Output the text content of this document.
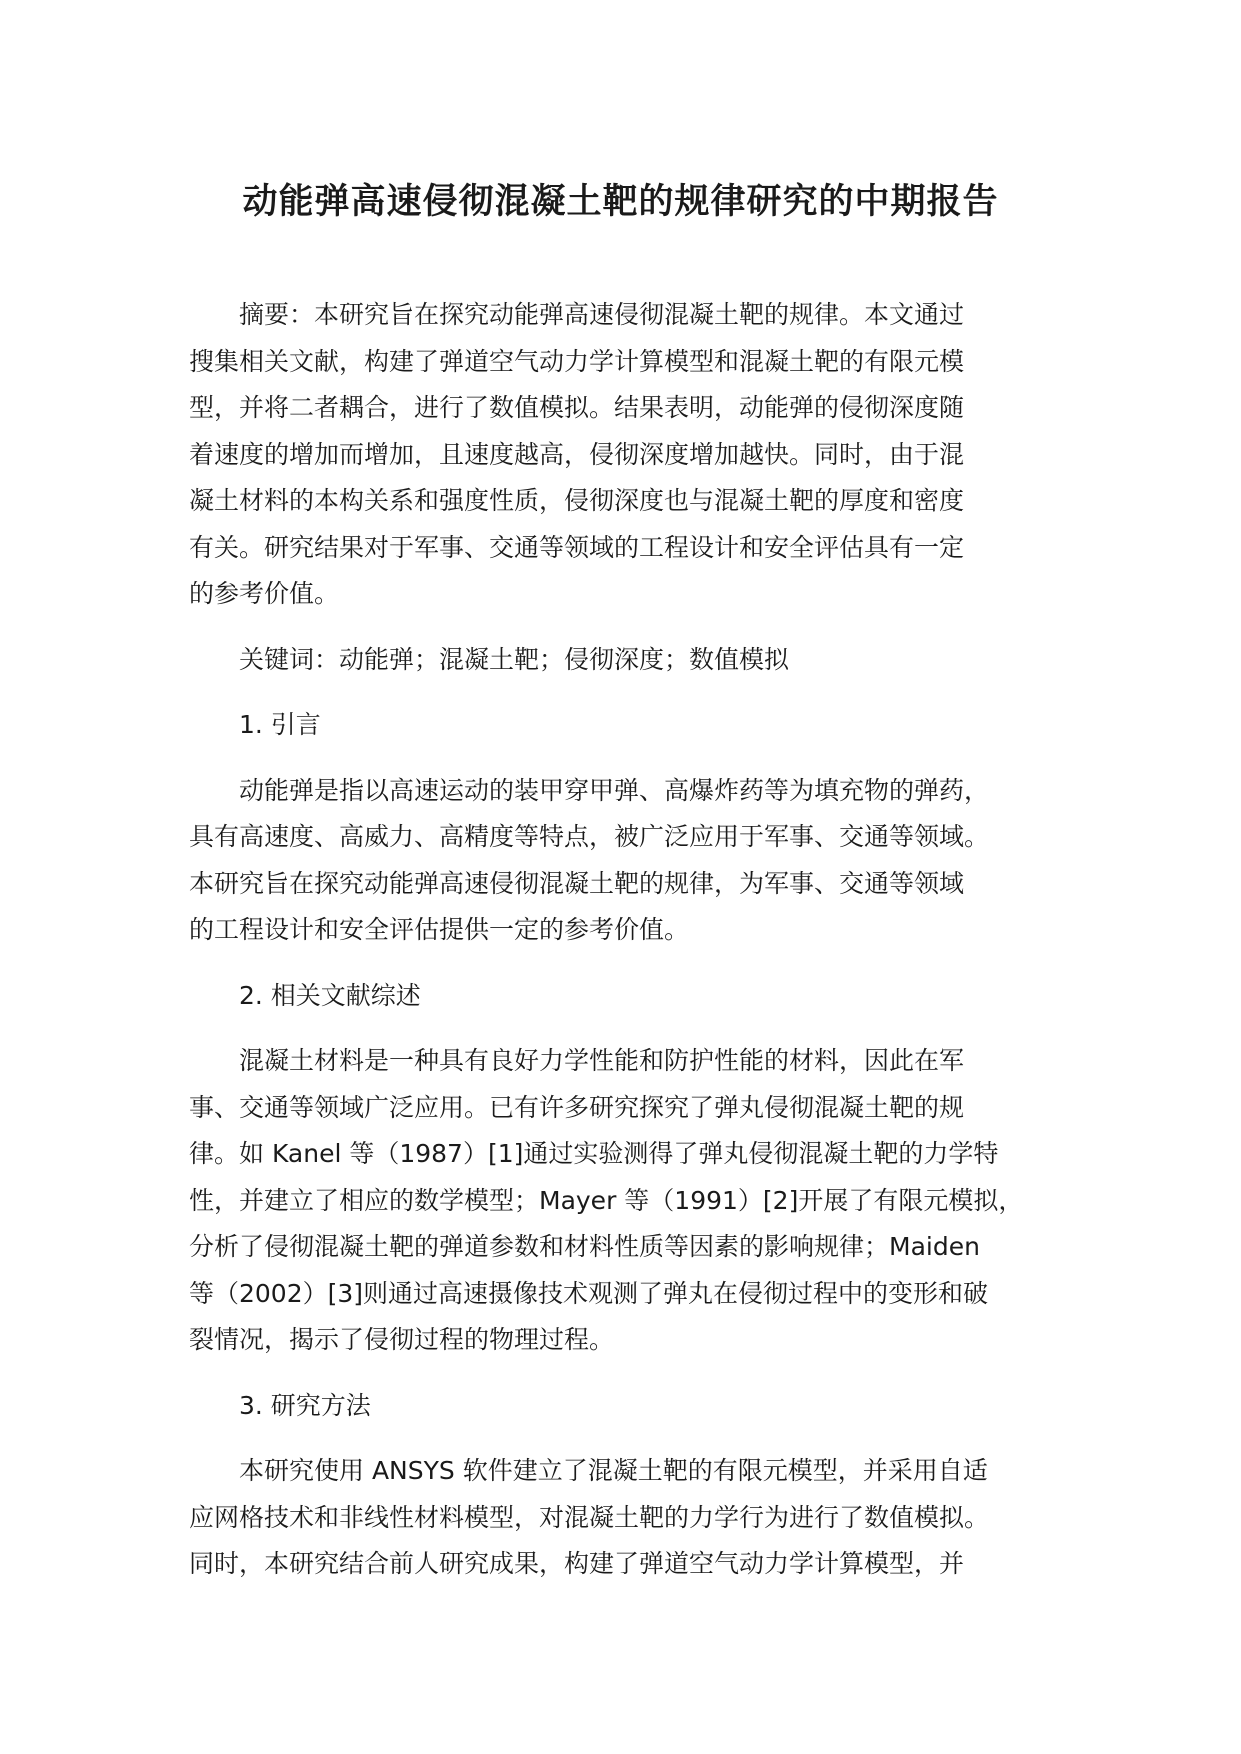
动能弹高速侵彻混凝土靶的规律研究的中期报告

摘要：本研究旨在探究动能弹高速侵彻混凝土靶的规律。本文通过
搜集相关文献，构建了弹道空气动力学计算模型和混凝土靶的有限元模
型，并将二者耦合，进行了数值模拟。结果表明，动能弹的侵彻深度随
着速度的增加而增加，且速度越高，侵彻深度增加越快。同时，由于混
凝土材料的本构关系和强度性质，侵彻深度也与混凝土靶的厚度和密度
有关。研究结果对于军事、交通等领域的工程设计和安全评估具有一定
的参考价值。

关键词：动能弹；混凝土靶；侵彻深度；数值模拟

1. 引言

动能弹是指以高速运动的装甲穿甲弹、高爆炸药等为填充物的弹药，
具有高速度、高威力、高精度等特点，被广泛应用于军事、交通等领域。
本研究旨在探究动能弹高速侵彻混凝土靶的规律，为军事、交通等领域
的工程设计和安全评估提供一定的参考价值。

2. 相关文献综述

混凝土材料是一种具有良好力学性能和防护性能的材料，因此在军
事、交通等领域广泛应用。已有许多研究探究了弹丸侵彻混凝土靶的规
律。如 Kanel 等（1987）[1]通过实验测得了弹丸侵彻混凝土靶的力学特
性，并建立了相应的数学模型；Mayer 等（1991）[2]开展了有限元模拟，
分析了侵彻混凝土靶的弹道参数和材料性质等因素的影响规律；Maiden
等（2002）[3]则通过高速摄像技术观测了弹丸在侵彻过程中的变形和破
裂情况，揭示了侵彻过程的物理过程。

3. 研究方法

本研究使用 ANSYS 软件建立了混凝土靶的有限元模型，并采用自适
应网格技术和非线性材料模型，对混凝土靶的力学行为进行了数值模拟。
同时，本研究结合前人研究成果，构建了弹道空气动力学计算模型，并
